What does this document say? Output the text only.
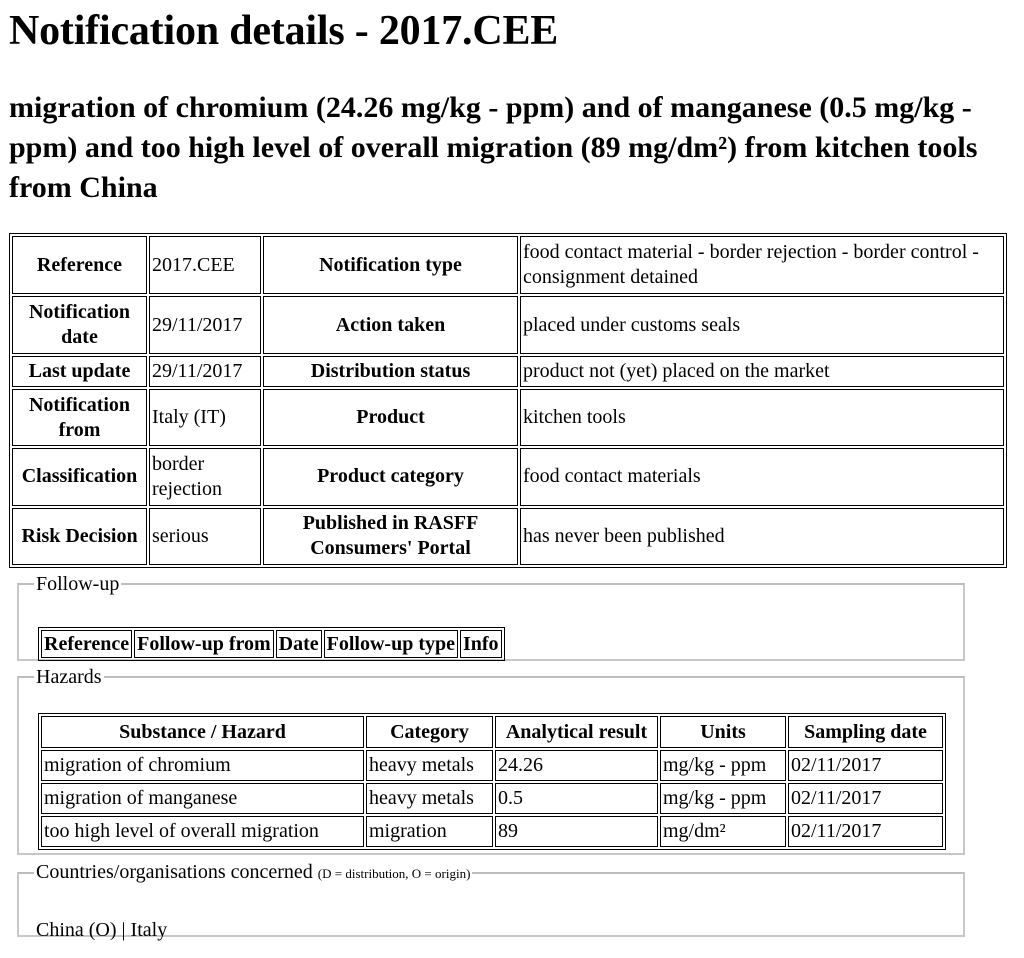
Notification details - 2017.CEE
migration of chromium (24.26 mg/kg - ppm) and of manganese (0.5 mg/kg - ppm) and too high level of overall migration (89 mg/dm²) from kitchen tools from China
Reference	2017.CEE	Notification type	food contact material - border rejection - border control - consignment detained
Notification date	29/11/2017	Action taken	placed under customs seals
Last update	29/11/2017	Distribution status	product not (yet) placed on the market
Notification from	Italy (IT)	Product	kitchen tools
Classification	border rejection	Product category	food contact materials
Risk Decision	serious	Published in RASFF Consumers' Portal	has never been published
Follow-up
Reference	Follow-up from	Date	Follow-up type	Info
Hazards
Substance / Hazard	Category	Analytical result	Units	Sampling date
migration of chromium	heavy metals	24.26	mg/kg - ppm	02/11/2017
migration of manganese	heavy metals	0.5	mg/kg - ppm	02/11/2017
too high level of overall migration	migration	89	mg/dm²	02/11/2017
Countries/organisations concerned (D = distribution, O = origin)
China (O) | Italy
